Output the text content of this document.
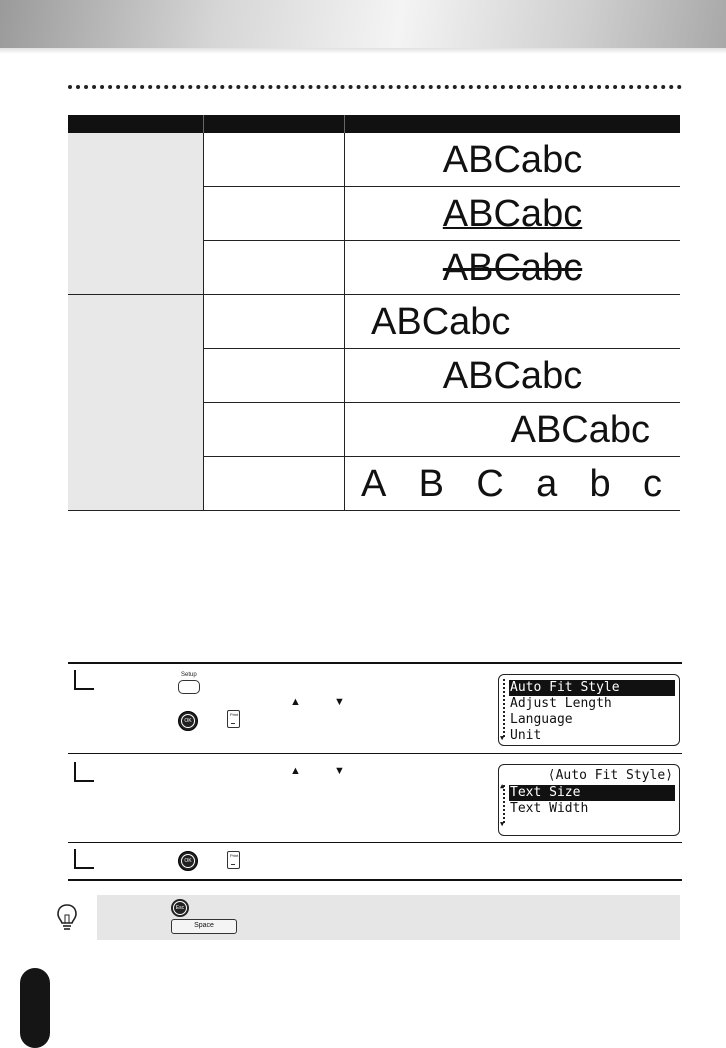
ABCabc
ABCabc
ABCabc
ABCabc
ABCabc
ABCabc
A B C a b c
Setup
▲	▼
OK
Print
▼
Auto Fit Style
Adjust Length
Language
Unit
▲	▼
▲
▼
⟨Auto Fit Style⟩
Text Size
Text Width
OK
Print
Esc
Space
